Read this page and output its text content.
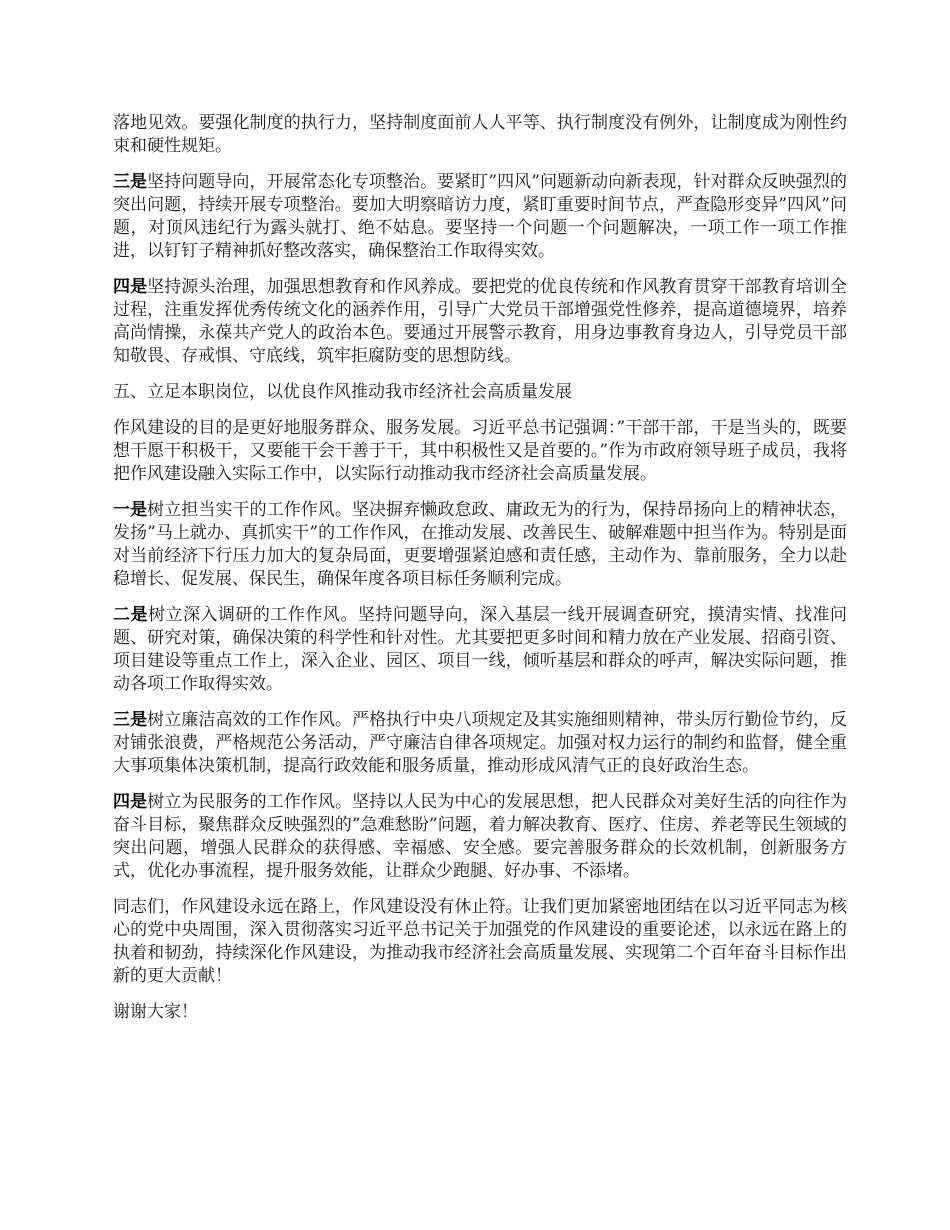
落地见效。要强化制度的执行力，坚持制度面前人人平等、执行制度没有例外，让制度成为刚性约束和硬性规矩。

三是坚持问题导向，开展常态化专项整治。要紧盯”四风”问题新动向新表现，针对群众反映强烈的突出问题，持续开展专项整治。要加大明察暗访力度，紧盯重要时间节点，严查隐形变异”四风”问题，对顶风违纪行为露头就打、绝不姑息。要坚持一个问题一个问题解决，一项工作一项工作推进，以钉钉子精神抓好整改落实，确保整治工作取得实效。

四是坚持源头治理，加强思想教育和作风养成。要把党的优良传统和作风教育贯穿干部教育培训全过程，注重发挥优秀传统文化的涵养作用，引导广大党员干部增强党性修养，提高道德境界，培养高尚情操，永葆共产党人的政治本色。要通过开展警示教育，用身边事教育身边人，引导党员干部知敬畏、存戒惧、守底线，筑牢拒腐防变的思想防线。

五、立足本职岗位，以优良作风推动我市经济社会高质量发展

作风建设的目的是更好地服务群众、服务发展。习近平总书记强调：”干部干部，干是当头的，既要想干愿干积极干，又要能干会干善于干，其中积极性又是首要的。”作为市政府领导班子成员，我将把作风建设融入实际工作中，以实际行动推动我市经济社会高质量发展。

一是树立担当实干的工作作风。坚决摒弃懒政怠政、庸政无为的行为，保持昂扬向上的精神状态，发扬”马上就办、真抓实干”的工作作风，在推动发展、改善民生、破解难题中担当作为。特别是面对当前经济下行压力加大的复杂局面，更要增强紧迫感和责任感，主动作为、靠前服务，全力以赴稳增长、促发展、保民生，确保年度各项目标任务顺利完成。

二是树立深入调研的工作作风。坚持问题导向，深入基层一线开展调查研究，摸清实情、找准问题、研究对策，确保决策的科学性和针对性。尤其要把更多时间和精力放在产业发展、招商引资、项目建设等重点工作上，深入企业、园区、项目一线，倾听基层和群众的呼声，解决实际问题，推动各项工作取得实效。

三是树立廉洁高效的工作作风。严格执行中央八项规定及其实施细则精神，带头厉行勤俭节约，反对铺张浪费，严格规范公务活动，严守廉洁自律各项规定。加强对权力运行的制约和监督，健全重大事项集体决策机制，提高行政效能和服务质量，推动形成风清气正的良好政治生态。

四是树立为民服务的工作作风。坚持以人民为中心的发展思想，把人民群众对美好生活的向往作为奋斗目标，聚焦群众反映强烈的”急难愁盼”问题，着力解决教育、医疗、住房、养老等民生领域的突出问题，增强人民群众的获得感、幸福感、安全感。要完善服务群众的长效机制，创新服务方式，优化办事流程，提升服务效能，让群众少跑腿、好办事、不添堵。

同志们，作风建设永远在路上，作风建设没有休止符。让我们更加紧密地团结在以习近平同志为核心的党中央周围，深入贯彻落实习近平总书记关于加强党的作风建设的重要论述，以永远在路上的执着和韧劲，持续深化作风建设，为推动我市经济社会高质量发展、实现第二个百年奋斗目标作出新的更大贡献！

谢谢大家！
